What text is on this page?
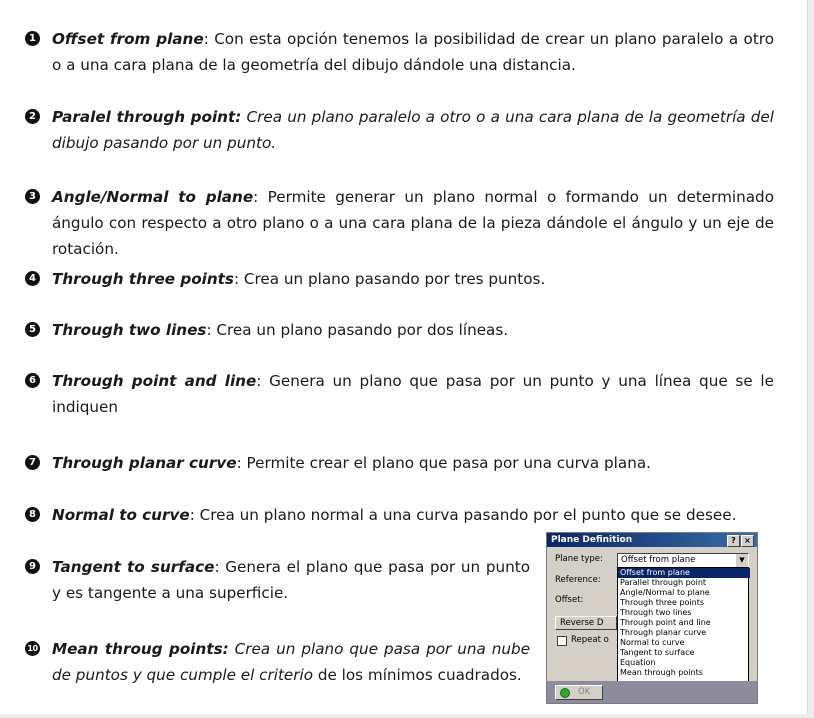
1 Offset from plane: Con esta opción tenemos la posibilidad de crear un plano paralelo a otro o a una cara plana de la geometría del dibujo dándole una distancia.
2 Paralel through point: Crea un plano paralelo a otro o a una cara plana de la geometría del dibujo pasando por un punto.
3 Angle/Normal to plane: Permite generar un plano normal o formando un determinado ángulo con respecto a otro plano o a una cara plana de la pieza dándole el ángulo y un eje de rotación.
4 Through three points: Crea un plano pasando por tres puntos.
5 Through two lines: Crea un plano pasando por dos líneas.
6 Through point and line: Genera un plano que pasa por un punto y una línea que se le indiquen
7 Through planar curve: Permite crear el plano que pasa por una curva plana.
8 Normal to curve: Crea un plano normal a una curva pasando por el punto que se desee.
9 Tangent to surface: Genera el plano que pasa por un punto y es tangente a una superficie.
10 Mean throug points: Crea un plano que pasa por una nube de puntos y que cumple el criterio de los mínimos cuadrados.
Plane Definition	?	×
Plane type: Offset from plane	▼
Reference:
Offset:
Reverse D
Repeat o
Offset from plane
Parallel through point
Angle/Normal to plane
Through three points
Through two lines
Through point and line
Through planar curve
Normal to curve
Tangent to surface
Equation
Mean through points
OK
